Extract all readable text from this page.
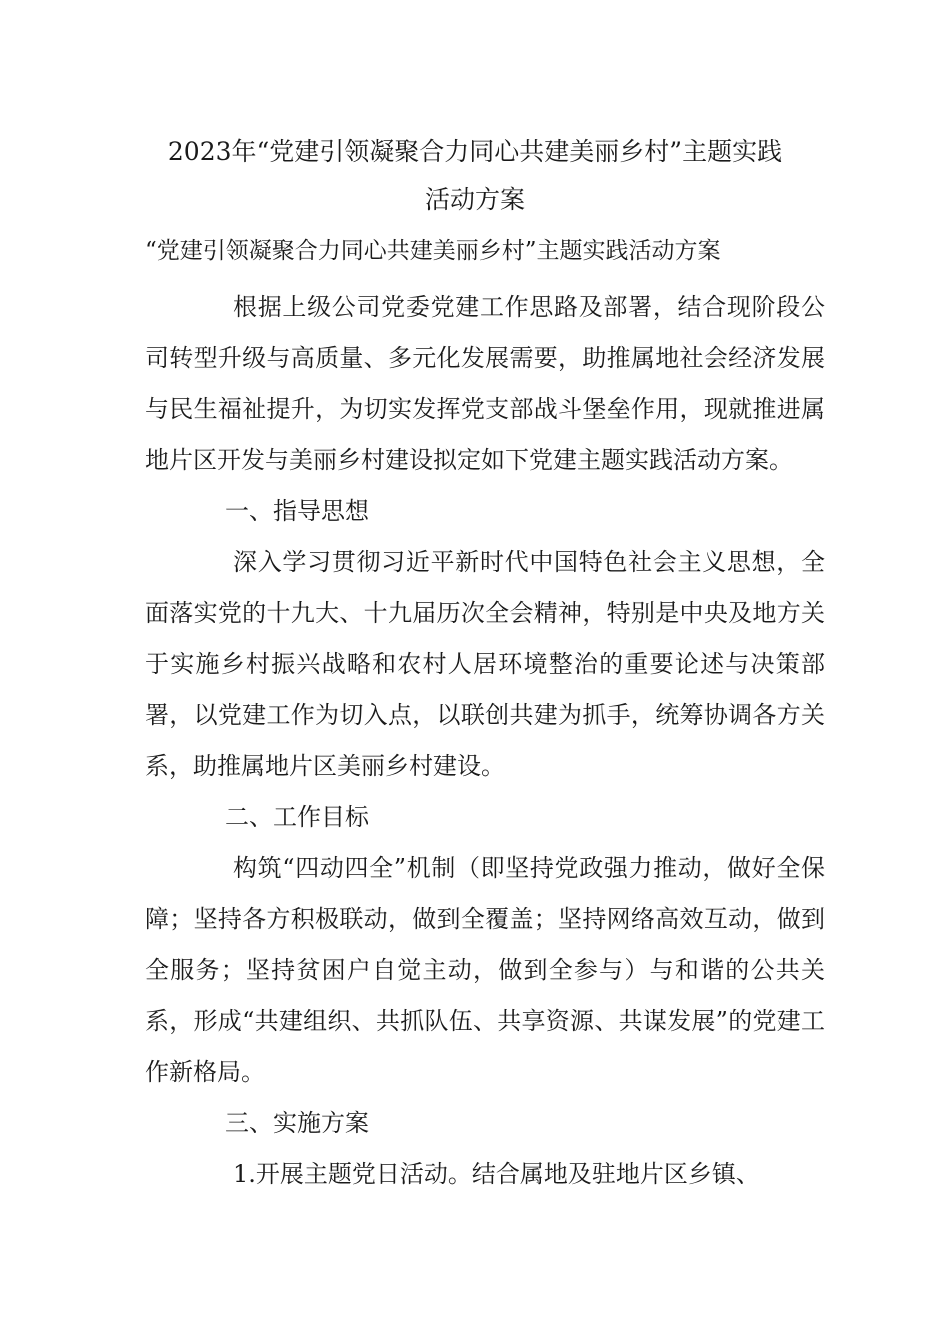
2023年“党建引领凝聚合力同心共建美丽乡村”主题实践
活动方案
“党建引领凝聚合力同心共建美丽乡村”主题实践活动方案

根据上级公司党委党建工作思路及部署，结合现阶段公司转型升级与高质量、多元化发展需要，助推属地社会经济发展与民生福祉提升，为切实发挥党支部战斗堡垒作用，现就推进属地片区开发与美丽乡村建设拟定如下党建主题实践活动方案。

一、指导思想

深入学习贯彻习近平新时代中国特色社会主义思想，全面落实党的十九大、十九届历次全会精神，特别是中央及地方关于实施乡村振兴战略和农村人居环境整治的重要论述与决策部署，以党建工作为切入点，以联创共建为抓手，统筹协调各方关系，助推属地片区美丽乡村建设。

二、工作目标

构筑“四动四全”机制（即坚持党政强力推动，做好全保障；坚持各方积极联动，做到全覆盖；坚持网络高效互动，做到全服务；坚持贫困户自觉主动，做到全参与）与和谐的公共关系，形成“共建组织、共抓队伍、共享资源、共谋发展”的党建工作新格局。

三、实施方案

1.开展主题党日活动。结合属地及驻地片区乡镇、
